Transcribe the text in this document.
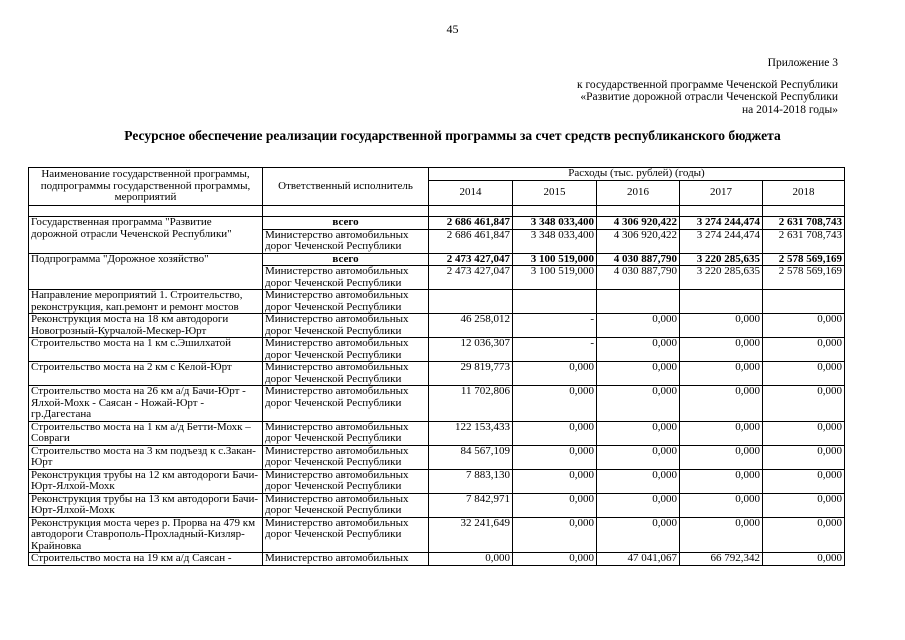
45
Приложение 3
к государственной программе Чеченской Республики
«Развитие дорожной отрасли Чеченской Республики
на 2014-2018 годы»
Ресурсное обеспечение реализации государственной программы за счет средств республиканского бюджета
Наименование государственной программы, подпрограммы государственной программы, мероприятий	Ответственный исполнитель	Расходы (тыс. рублей) (годы)				
		2014	2015	2016	2017	2018

Государственная программа "Развитие дорожной отрасли Чеченской Республики"	всего	2 686 461,847	3 348 033,400	4 306 920,422	3 274 244,474	2 631 708,743
	Министерство автомобильных дорог Чеченской Республики	2 686 461,847	3 348 033,400	4 306 920,422	3 274 244,474	2 631 708,743
Подпрограмма "Дорожное хозяйство"	всего	2 473 427,047	3 100 519,000	4 030 887,790	3 220 285,635	2 578 569,169
	Министерство автомобильных дорог Чеченской Республики	2 473 427,047	3 100 519,000	4 030 887,790	3 220 285,635	2 578 569,169
Направление мероприятий 1. Строительство, реконструкция, кап.ремонт и ремонт мостов	Министерство автомобильных дорог Чеченской Республики					
Реконструкция моста на 18 км автодороги Новогрозный-Курчалой-Мескер-Юрт	Министерство автомобильных дорог Чеченской Республики	46 258,012	-	0,000	0,000	0,000
Строительство моста на 1 км с.Эшилхатой	Министерство автомобильных дорог Чеченской Республики	12 036,307	-	0,000	0,000	0,000
Строительство моста на 2 км с Келой-Юрт	Министерство автомобильных дорог Чеченской Республики	29 819,773	0,000	0,000	0,000	0,000
Строительство моста на 26 км а/д Бачи-Юрт - Ялхой-Мохк - Саясан - Ножай-Юрт - гр.Дагестана	Министерство автомобильных дорог Чеченской Республики	11 702,806	0,000	0,000	0,000	0,000
Строительство моста на 1 км а/д Бетти-Мохк – Совраги	Министерство автомобильных дорог Чеченской Республики	122 153,433	0,000	0,000	0,000	0,000
Строительство моста на 3 км подъезд к с.Закан-Юрт	Министерство автомобильных дорог Чеченской Республики	84 567,109	0,000	0,000	0,000	0,000
Реконструкция трубы на 12 км автодороги Бачи-Юрт-Ялхой-Мохк	Министерство автомобильных дорог Чеченской Республики	7 883,130	0,000	0,000	0,000	0,000
Реконструкция трубы на 13 км автодороги Бачи-Юрт-Ялхой-Мохк	Министерство автомобильных дорог Чеченской Республики	7 842,971	0,000	0,000	0,000	0,000
Реконструкция моста через р. Прорва на 479 км автодороги Ставрополь-Прохладный-Кизляр-Крайновка	Министерство автомобильных дорог Чеченской Республики	32 241,649	0,000	0,000	0,000	0,000
Строительство моста на 19 км а/д Саясан -	Министерство автомобильных	0,000	0,000	47 041,067	66 792,342	0,000
